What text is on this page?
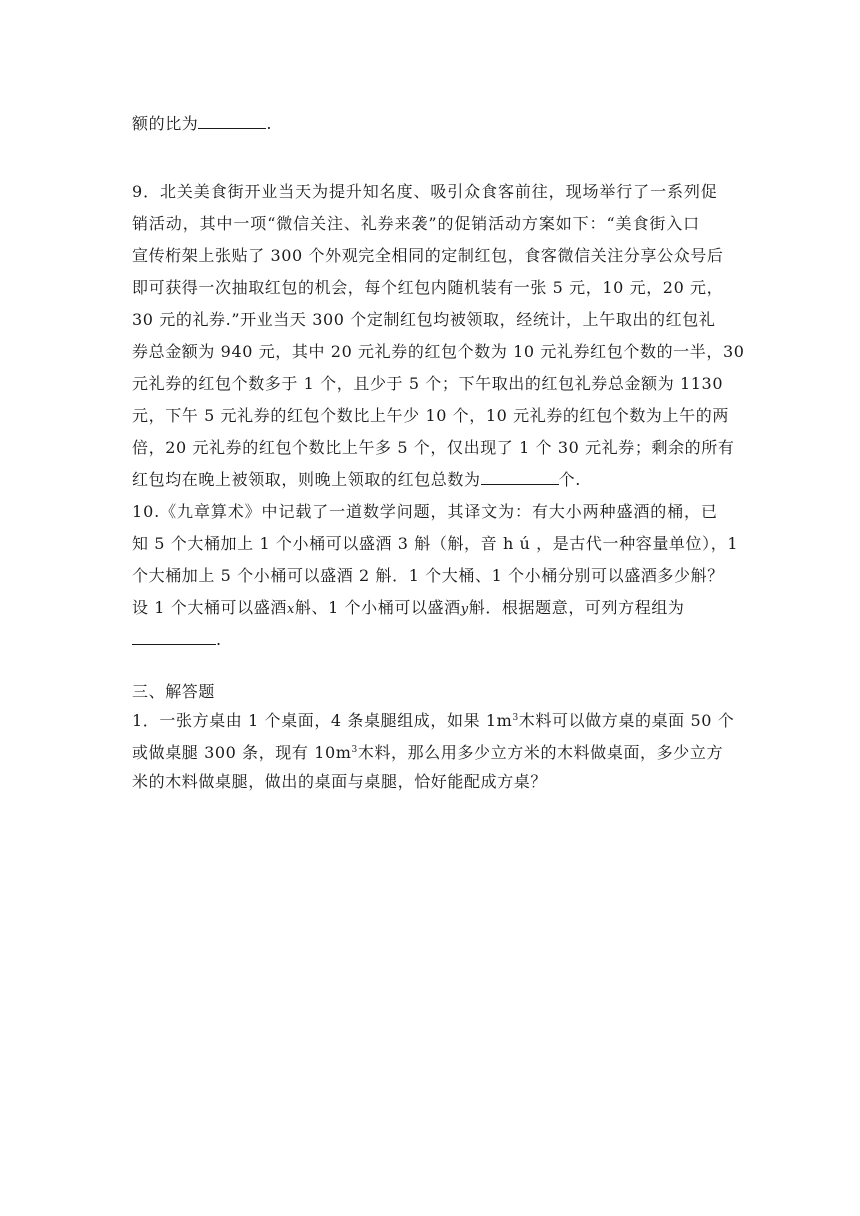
额的比为	.
9．北关美食街开业当天为提升知名度、吸引众食客前往，现场举行了一系列促
销活动，其中一项“微信关注、礼券来袭”的促销活动方案如下：“美食街入口
宣传桁架上张贴了 300 个外观完全相同的定制红包，食客微信关注分享公众号后
即可获得一次抽取红包的机会，每个红包内随机装有一张 5 元，10 元，20 元，
30 元的礼券.”开业当天 300 个定制红包均被领取，经统计，上午取出的红包礼
券总金额为 940 元，其中 20 元礼券的红包个数为 10 元礼券红包个数的一半，30
元礼券的红包个数多于 1 个，且少于 5 个；下午取出的红包礼券总金额为 1130
元，下午 5 元礼券的红包个数比上午少 10 个，10 元礼券的红包个数为上午的两
倍，20 元礼券的红包个数比上午多 5 个，仅出现了 1 个 30 元礼券；剩余的所有
红包均在晚上被领取，则晚上领取的红包总数为	个.
10.《九章算术》中记载了一道数学问题，其译文为：有大小两种盛酒的桶，已
知 5 个大桶加上 1 个小桶可以盛酒 3 斛（斛，音 h ú ，是古代一种容量单位），1
个大桶加上 5 个小桶可以盛酒 2 斛．1 个大桶、1 个小桶分别可以盛酒多少斛？
设 1 个大桶可以盛酒x斛、1 个小桶可以盛酒y斛．根据题意，可列方程组为
.
三、解答题
1．一张方桌由 1 个桌面，4 条桌腿组成，如果 $1m^3$木料可以做方桌的桌面 50 个
或做桌腿 300 条，现有 $10m^3$木料，那么用多少立方米的木料做桌面，多少立方
米的木料做桌腿，做出的桌面与桌腿，恰好能配成方桌？
